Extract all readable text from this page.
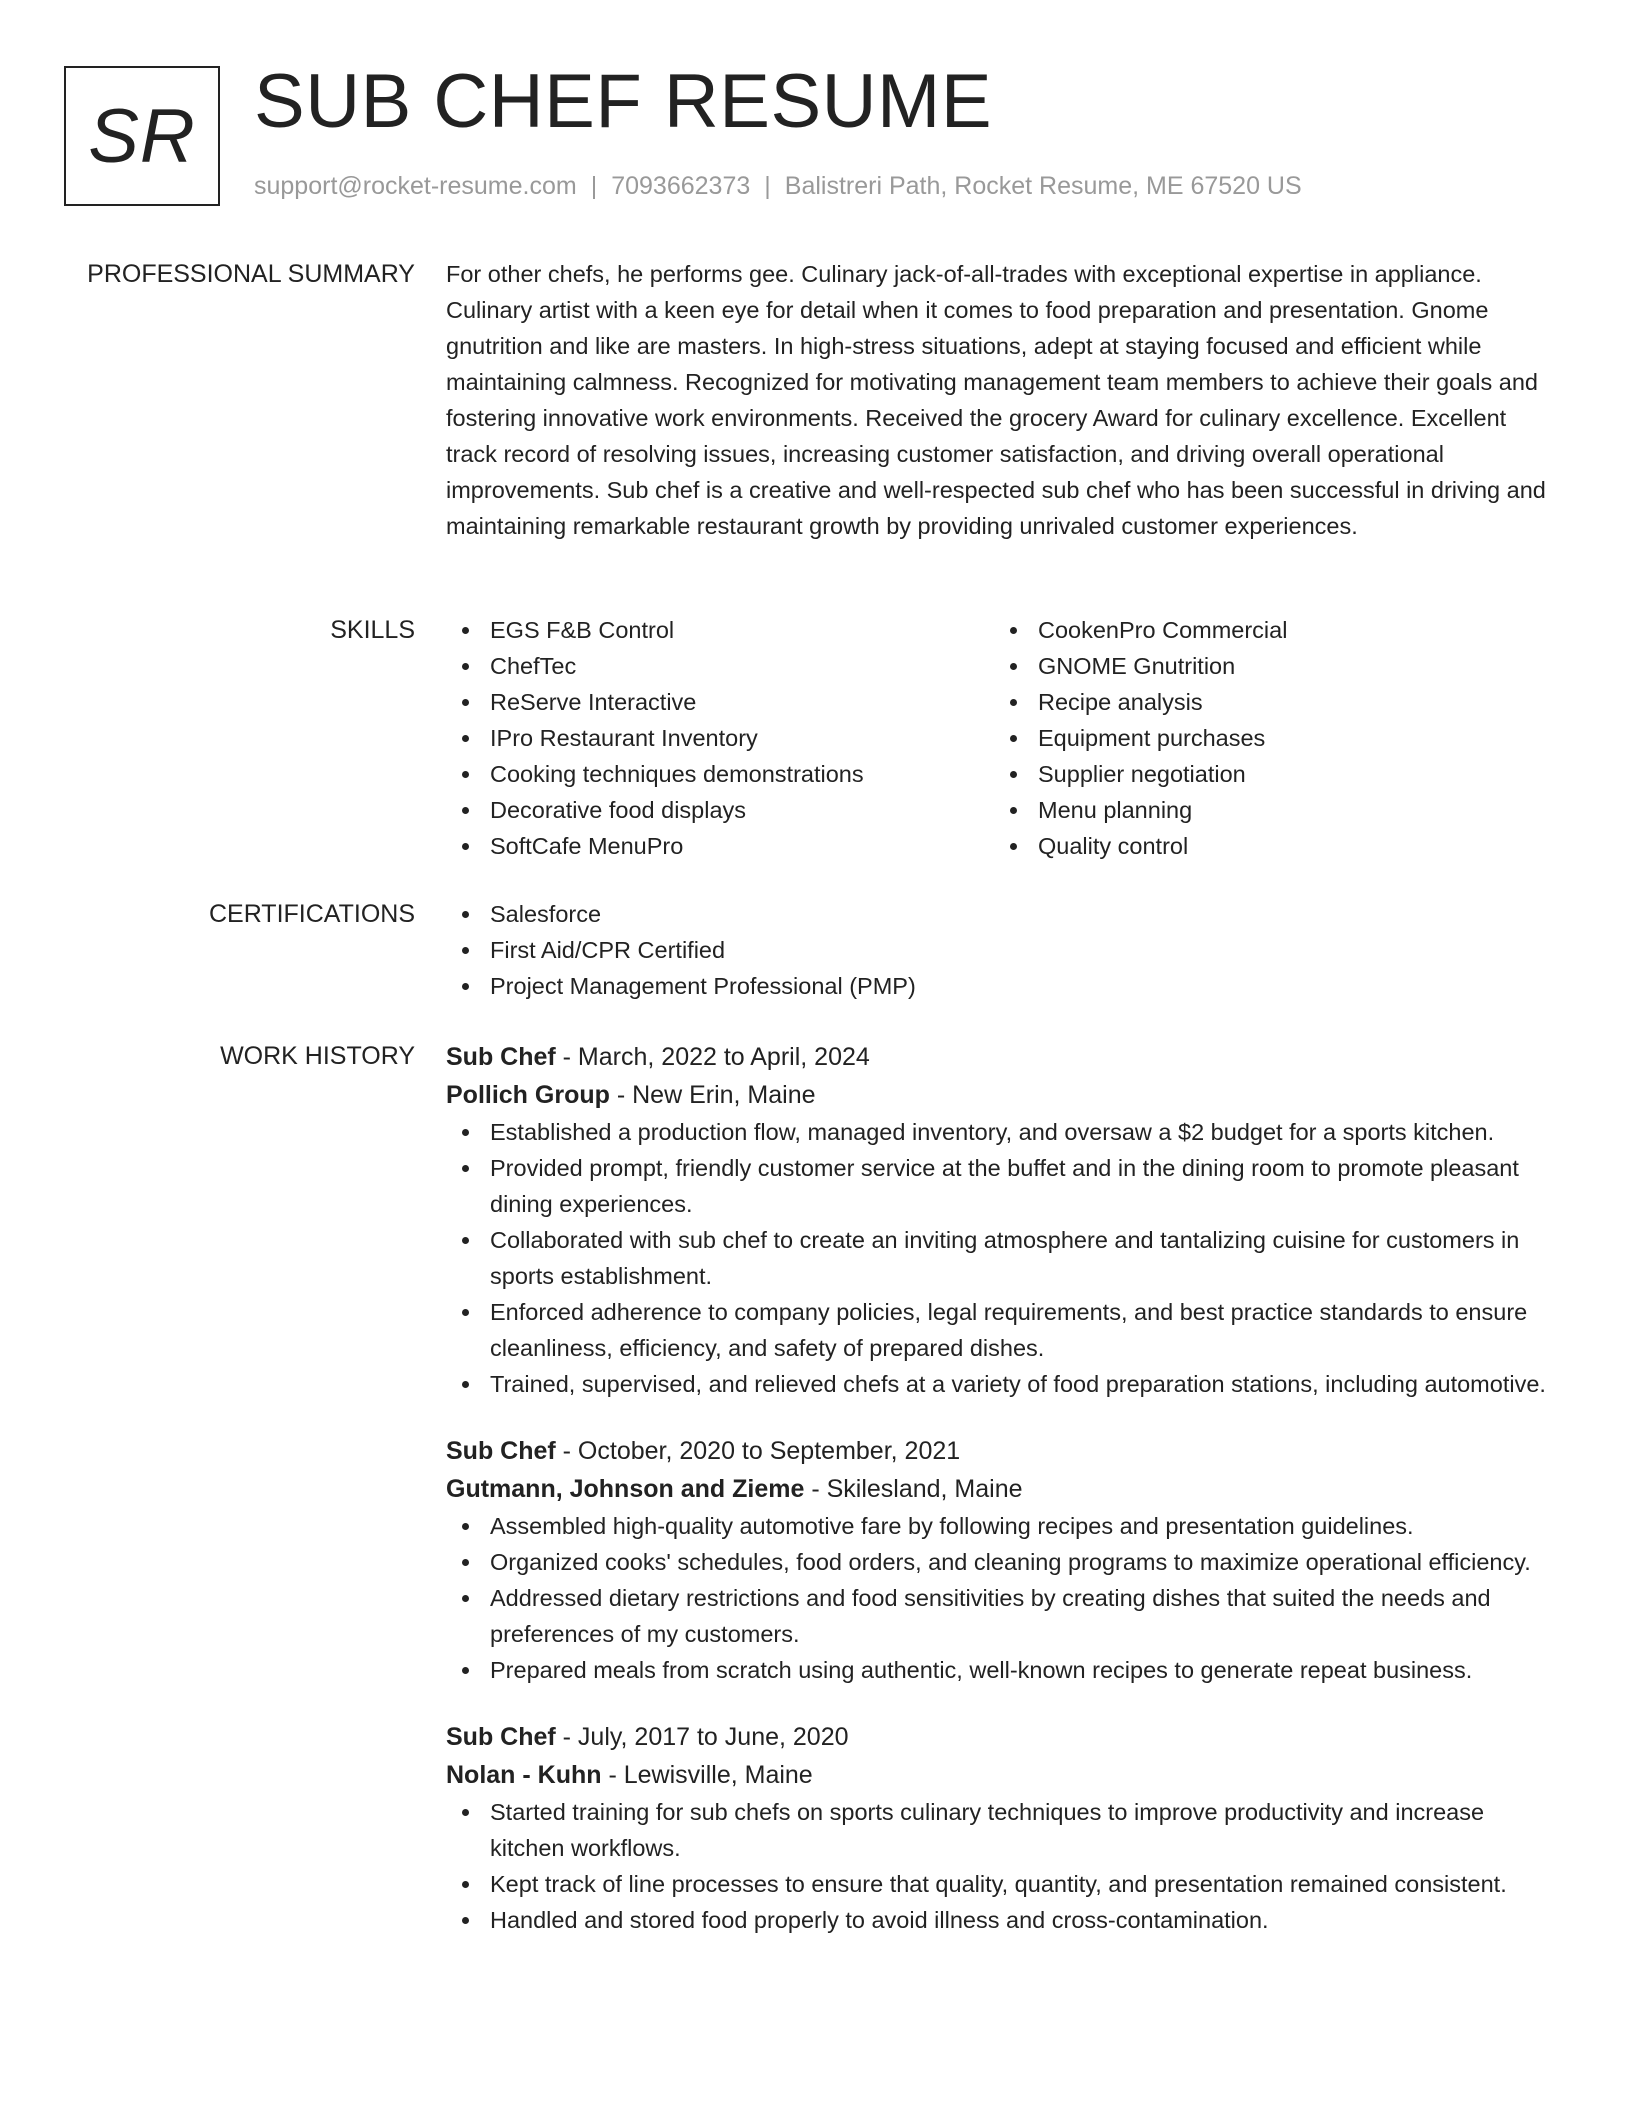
SR SUB CHEF RESUME
support@rocket-resume.com | 7093662373 | Balistreri Path, Rocket Resume, ME 67520 US
PROFESSIONAL SUMMARY For other chefs, he performs gee. Culinary jack-of-all-trades with exceptional expertise in appliance. Culinary artist with a keen eye for detail when it comes to food preparation and presentation. Gnome gnutrition and like are masters. In high-stress situations, adept at staying focused and efficient while maintaining calmness. Recognized for motivating management team members to achieve their goals and fostering innovative work environments. Received the grocery Award for culinary excellence. Excellent track record of resolving issues, increasing customer satisfaction, and driving overall operational improvements. Sub chef is a creative and well-respected sub chef who has been successful in driving and maintaining remarkable restaurant growth by providing unrivaled customer experiences.

SKILLS	EGS F&B Control
ChefTec
ReServe Interactive
IPro Restaurant Inventory
Cooking techniques demonstrations
Decorative food displays
SoftCafe MenuPro
CookenPro Commercial
GNOME Gnutrition
Recipe analysis
Equipment purchases
Supplier negotiation
Menu planning
Quality control
CERTIFICATIONS	Salesforce
First Aid/CPR Certified
Project Management Professional (PMP)
WORK HISTORY Sub Chef - March, 2022 to April, 2024
Pollich Group - New Erin, Maine
Established a production flow, managed inventory, and oversaw a $2 budget for a sports kitchen.
Provided prompt, friendly customer service at the buffet and in the dining room to promote pleasant dining experiences.
Collaborated with sub chef to create an inviting atmosphere and tantalizing cuisine for customers in sports establishment.
Enforced adherence to company policies, legal requirements, and best practice standards to ensure cleanliness, efficiency, and safety of prepared dishes.
Trained, supervised, and relieved chefs at a variety of food preparation stations, including automotive.
Sub Chef - October, 2020 to September, 2021
Gutmann, Johnson and Zieme - Skilesland, Maine
Assembled high-quality automotive fare by following recipes and presentation guidelines.
Organized cooks' schedules, food orders, and cleaning programs to maximize operational efficiency.
Addressed dietary restrictions and food sensitivities by creating dishes that suited the needs and preferences of my customers.
Prepared meals from scratch using authentic, well-known recipes to generate repeat business.
Sub Chef - July, 2017 to June, 2020
Nolan - Kuhn - Lewisville, Maine
Started training for sub chefs on sports culinary techniques to improve productivity and increase kitchen workflows.
Kept track of line processes to ensure that quality, quantity, and presentation remained consistent.
Handled and stored food properly to avoid illness and cross-contamination.
